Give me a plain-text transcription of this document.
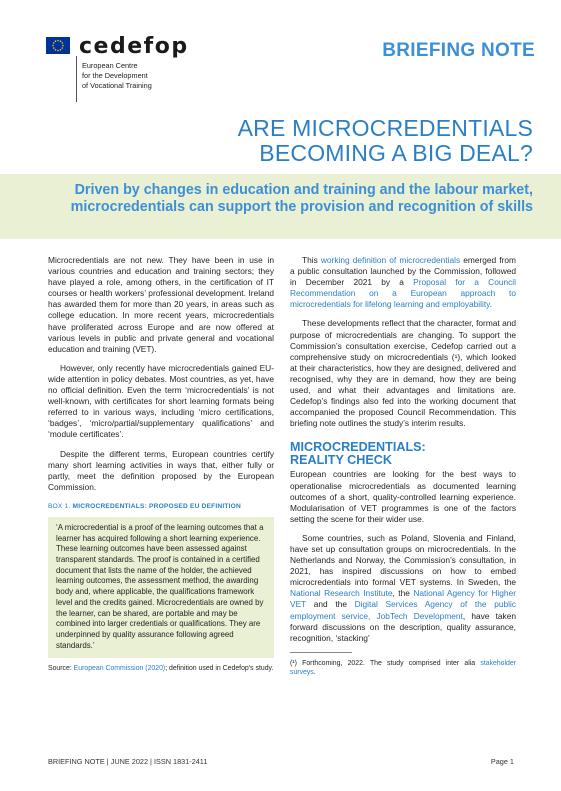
cedefop
European Centre
for the Development
of Vocational Training
BRIEFING NOTE
ARE MICROCREDENTIALS
BECOMING A BIG DEAL?
Driven by changes in education and training and the labour market, microcredentials can support the provision and recognition of skills

Microcredentials are not new. They have been in use in various countries and education and training sectors; they have played a role, among others, in the certification of IT courses or health workers’ professional development. Ireland has awarded them for more than 20 years, in areas such as college education. In more recent years, microcredentials have proliferated across Europe and are now offered at various levels in public and private general and vocational education and training (VET).

However, only recently have microcredentials gained EU-wide attention in policy debates. Most countries, as yet, have no official definition. Even the term ‘microcredentials’ is not well-known, with certificates for short learning formats being referred to in various ways, including ‘micro certifications, ‘badges’, ‘micro/partial/supplementary qualifications’ and ‘module certificates’.

Despite the different terms, European countries certify many short learning activities in ways that, either fully or partly, meet the definition proposed by the European Commission.

BOX 1. MICROCREDENTIALS: PROPOSED EU DEFINITION
‘A microcredential is a proof of the learning outcomes that a learner has acquired following a short learning experience. These learning outcomes have been assessed against transparent standards. The proof is contained in a certified document that lists the name of the holder, the achieved learning outcomes, the assessment method, the awarding body and, where applicable, the qualifications framework level and the credits gained. Microcredentials are owned by the learner, can be shared, are portable and may be combined into larger credentials or qualifications. They are underpinned by quality assurance following agreed standards.’
Source: European Commission (2020); definition used in Cedefop’s study.

This working definition of microcredentials emerged from a public consultation launched by the Commission, followed in December 2021 by a Proposal for a Council Recommendation on a European approach to microcredentials for lifelong learning and employability.

These developments reflect that the character, format and purpose of microcredentials are changing. To support the Commission’s consultation exercise, Cedefop carried out a comprehensive study on microcredentials (¹), which looked at their characteristics, how they are designed, delivered and recognised, why they are in demand, how they are being used, and what their advantages and limitations are. Cedefop’s findings also fed into the working document that accompanied the proposed Council Recommendation. This briefing note outlines the study’s interim results.

MICROCREDENTIALS:
REALITY CHECK

European countries are looking for the best ways to operationalise microcredentials as documented learning outcomes of a short, quality-controlled learning experience. Modularisation of VET programmes is one of the factors setting the scene for their wider use.

Some countries, such as Poland, Slovenia and Finland, have set up consultation groups on microcredentials. In the Netherlands and Norway, the Commission’s consultation, in 2021, has inspired discussions on how to embed microcredentials into formal VET systems. In Sweden, the National Research Institute, the National Agency for Higher VET and the Digital Services Agency of the public employment service, JobTech Development, have taken forward discussions on the description, quality assurance, recognition, ‘stacking’

(¹) Forthcoming, 2022. The study comprised inter alia stakeholder surveys.
BRIEFING NOTE | JUNE 2022 | ISSN 1831-2411	Page 1
